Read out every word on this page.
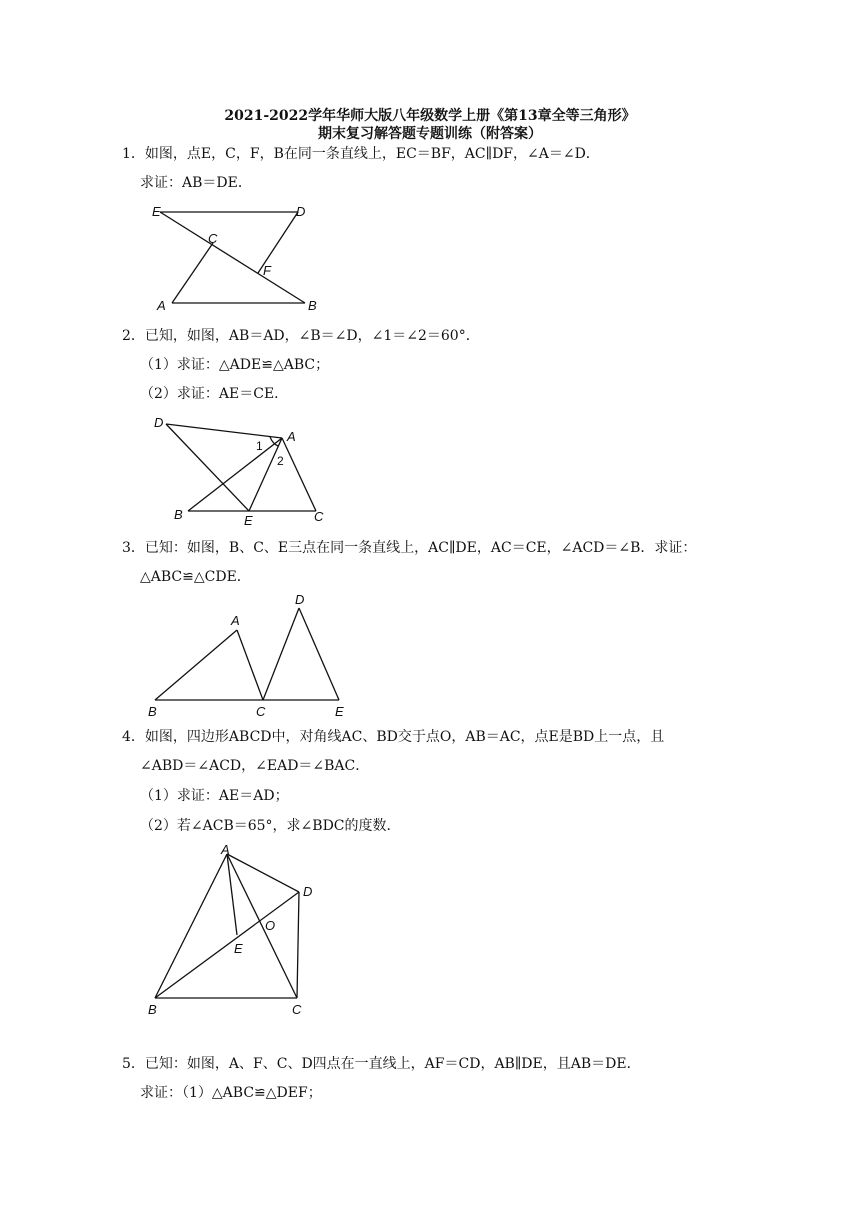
2021-2022学年华师大版八年级数学上册《第13章全等三角形》
期末复习解答题专题训练（附答案）
1．如图，点E，C，F，B在同一条直线上，EC＝BF，AC∥DF，∠A＝∠D．
求证：AB＝DE．
E	D
C
F
A	B
2．已知，如图，AB＝AD，∠B＝∠D，∠1＝∠2＝60°．
（1）求证：△ADE≌△ABC；
（2）求证：AE＝CE．
D
A
1
2
B	E	C
3．已知：如图，B、C、E三点在同一条直线上，AC∥DE，AC＝CE，∠ACD＝∠B．求证：
△ABC≌△CDE．
A
D
B	C	E
4．如图，四边形ABCD中，对角线AC、BD交于点O，AB＝AC，点E是BD上一点，且
∠ABD＝∠ACD，∠EAD＝∠BAC．
（1）求证：AE＝AD；
（2）若∠ACB＝65°，求∠BDC的度数．
A
D
O
E
B	C
5．已知：如图，A、F、C、D四点在一直线上，AF＝CD，AB∥DE，且AB＝DE．
求证：（1）△ABC≌△DEF；
